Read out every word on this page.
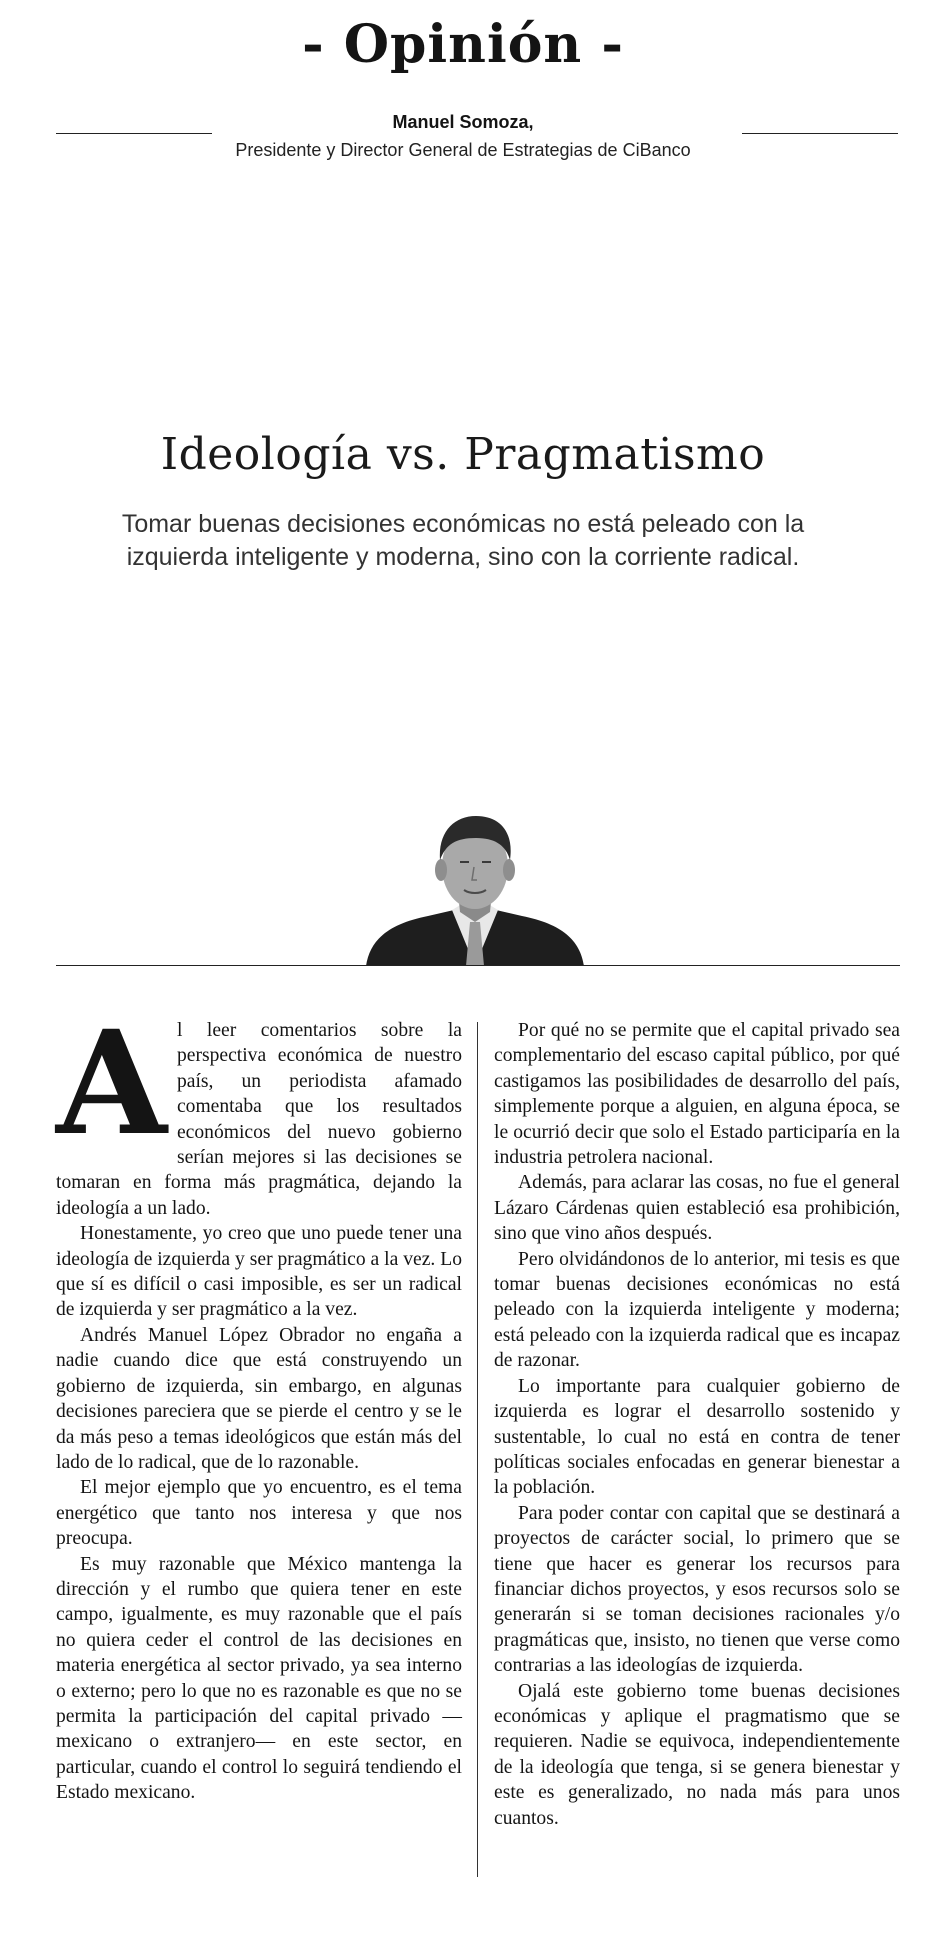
- Opinión -
Manuel Somoza,
Presidente y Director General de Estrategias de CiBanco
Ideología vs. Pragmatismo
Tomar buenas decisiones económicas no está peleado con la izquierda inteligente y moderna, sino con la corriente radical.

Al leer comentarios sobre la perspectiva económica de nuestro país, un periodista afamado comentaba que los resultados económicos del nuevo gobierno serían mejores si las decisiones se tomaran en forma más pragmática, dejando la ideología a un lado.

Honestamente, yo creo que uno puede tener una ideología de izquierda y ser pragmático a la vez. Lo que sí es difícil o casi imposible, es ser un radical de izquierda y ser pragmático a la vez.

Andrés Manuel López Obrador no engaña a nadie cuando dice que está construyendo un gobierno de izquierda, sin embargo, en algunas decisiones pareciera que se pierde el centro y se le da más peso a temas ideológicos que están más del lado de lo radical, que de lo razonable.

El mejor ejemplo que yo encuentro, es el tema energético que tanto nos interesa y que nos preocupa.

Es muy razonable que México mantenga la dirección y el rumbo que quiera tener en este campo, igualmente, es muy razonable que el país no quiera ceder el control de las decisiones en materia energética al sector privado, ya sea interno o externo; pero lo que no es razonable es que no se permita la participación del capital privado —mexicano o extranjero— en este sector, en particular, cuando el control lo seguirá tendiendo el Estado mexicano.

Por qué no se permite que el capital privado sea complementario del escaso capital público, por qué castigamos las posibilidades de desarrollo del país, simplemente porque a alguien, en alguna época, se le ocurrió decir que solo el Estado participaría en la industria petrolera nacional.

Además, para aclarar las cosas, no fue el general Lázaro Cárdenas quien estableció esa prohibición, sino que vino años después.

Pero olvidándonos de lo anterior, mi tesis es que tomar buenas decisiones económicas no está peleado con la izquierda inteligente y moderna; está peleado con la izquierda radical que es incapaz de razonar.

Lo importante para cualquier gobierno de izquierda es lograr el desarrollo sostenido y sustentable, lo cual no está en contra de tener políticas sociales enfocadas en generar bienestar a la población.

Para poder contar con capital que se destinará a proyectos de carácter social, lo primero que se tiene que hacer es generar los recursos para financiar dichos proyectos, y esos recursos solo se generarán si se toman decisiones racionales y/o pragmáticas que, insisto, no tienen que verse como contrarias a las ideologías de izquierda.

Ojalá este gobierno tome buenas decisiones económicas y aplique el pragmatismo que se requieren. Nadie se equivoca, independientemente de la ideología que tenga, si se genera bienestar y este es generalizado, no nada más para unos cuantos.
